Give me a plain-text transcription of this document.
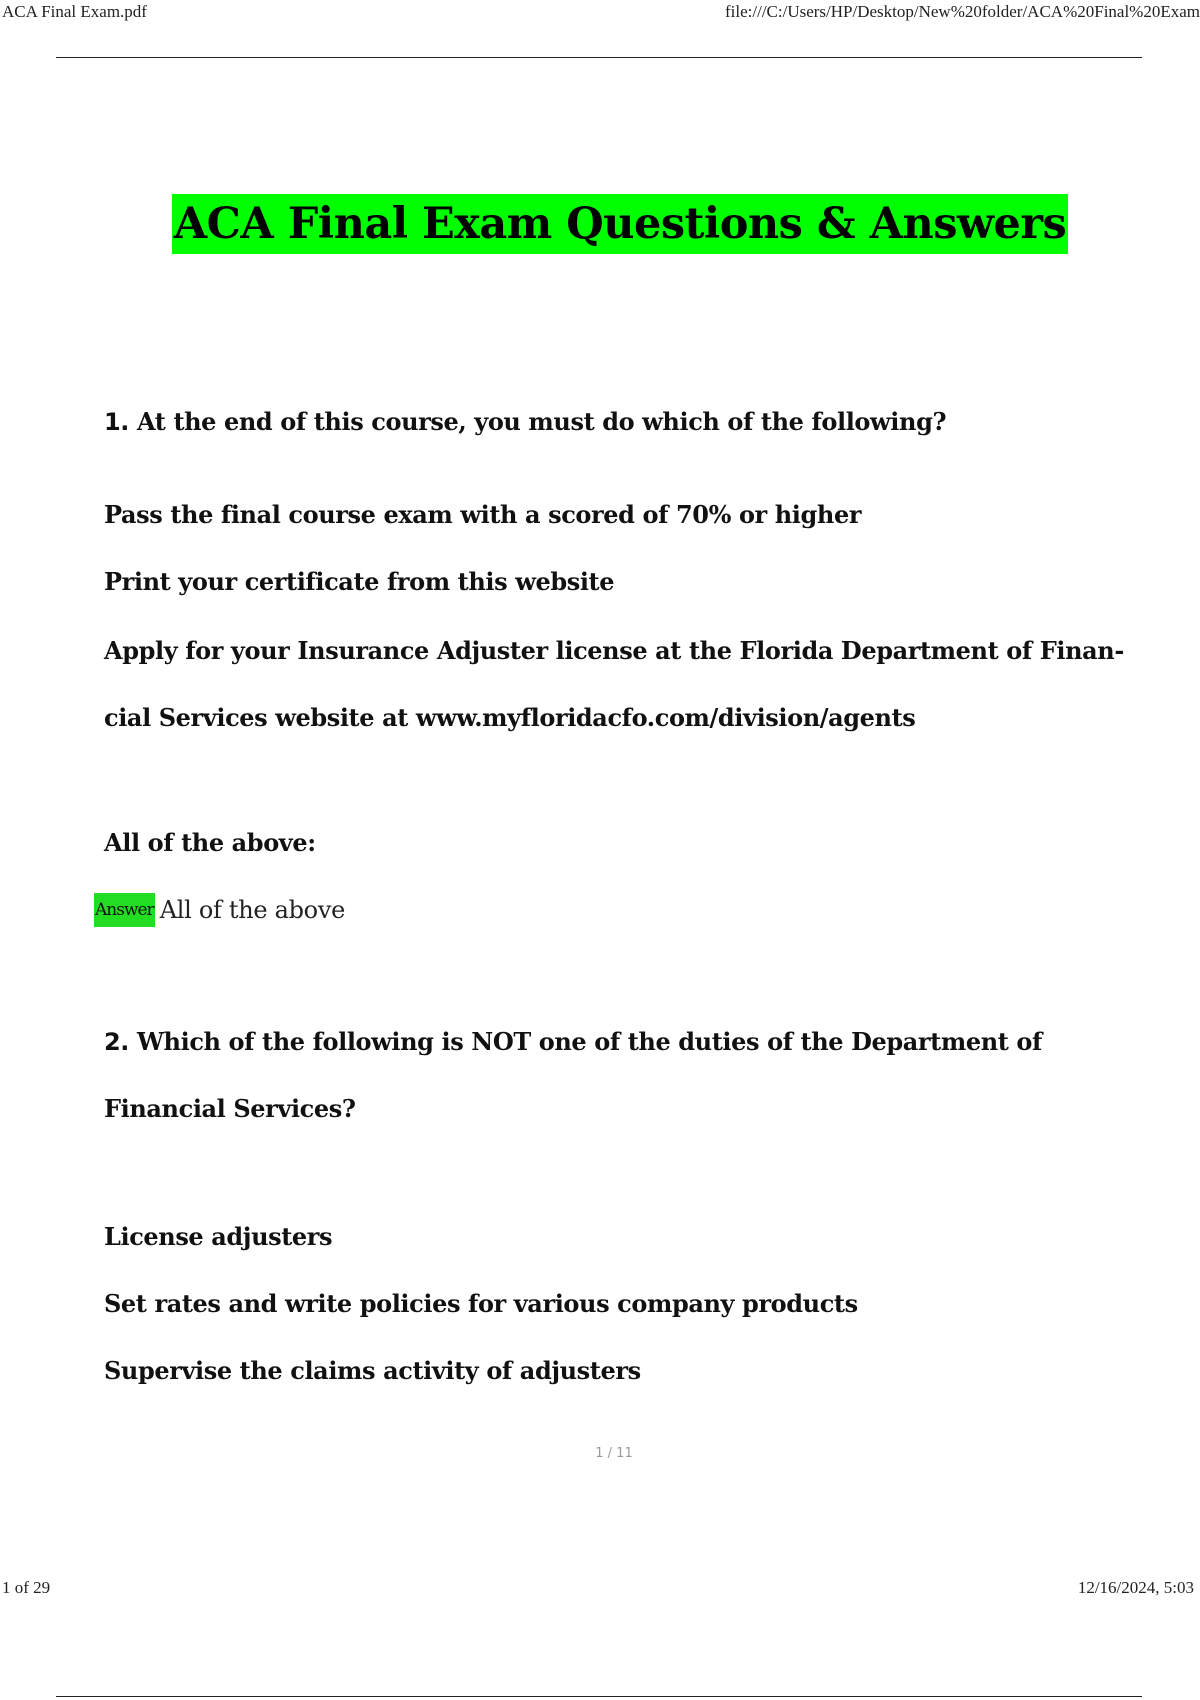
ACA Final Exam.pdf	file:///C:/Users/HP/Desktop/New%20folder/ACA%20Final%20Exam
ACA Final Exam Questions & Answers
1. At the end of this course, you must do which of the following?
Pass the final course exam with a scored of 70% or higher
Print your certificate from this website
Apply for your Insurance Adjuster license at the Florida Department of Finan-
cial Services website at www.myfloridacfo.com/division/agents
All of the above:
Answer All of the above
2. Which of the following is NOT one of the duties of the Department of
Financial Services?
License adjusters
Set rates and write policies for various company products
Supervise the claims activity of adjusters
1 / 11
1 of 29	12/16/2024, 5:03
